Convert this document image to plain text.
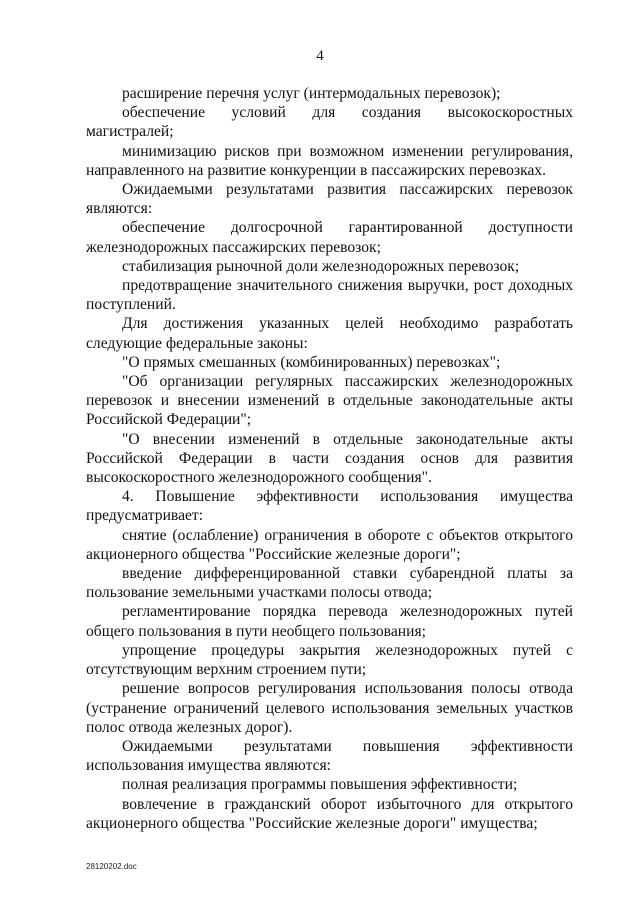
4

расширение перечня услуг (интермодальных перевозок);

обеспечение условий для создания высокоскоростных магистралей;

минимизацию рисков при возможном изменении регулирования, направленного на развитие конкуренции в пассажирских перевозках.

Ожидаемыми результатами развития пассажирских перевозок являются:

обеспечение долгосрочной гарантированной доступности железнодорожных пассажирских перевозок;

стабилизация рыночной доли железнодорожных перевозок;

предотвращение значительного снижения выручки, рост доходных поступлений.

Для достижения указанных целей необходимо разработать следующие федеральные законы:

"О прямых смешанных (комбинированных) перевозках";

"Об организации регулярных пассажирских железнодорожных перевозок и внесении изменений в отдельные законодательные акты Российской Федерации";

"О внесении изменений в отдельные законодательные акты Российской Федерации в части создания основ для развития высокоскоростного железнодорожного сообщения".

4. Повышение эффективности использования имущества предусматривает:

снятие (ослабление) ограничения в обороте с объектов открытого акционерного общества "Российские железные дороги";

введение дифференцированной ставки субарендной платы за пользование земельными участками полосы отвода;

регламентирование порядка перевода железнодорожных путей общего пользования в пути необщего пользования;

упрощение процедуры закрытия железнодорожных путей с отсутствующим верхним строением пути;

решение вопросов регулирования использования полосы отвода (устранение ограничений целевого использования земельных участков полос отвода железных дорог).

Ожидаемыми результатами повышения эффективности использования имущества являются:

полная реализация программы повышения эффективности;

вовлечение в гражданский оборот избыточного для открытого акционерного общества "Российские железные дороги" имущества;

28120202.doc
